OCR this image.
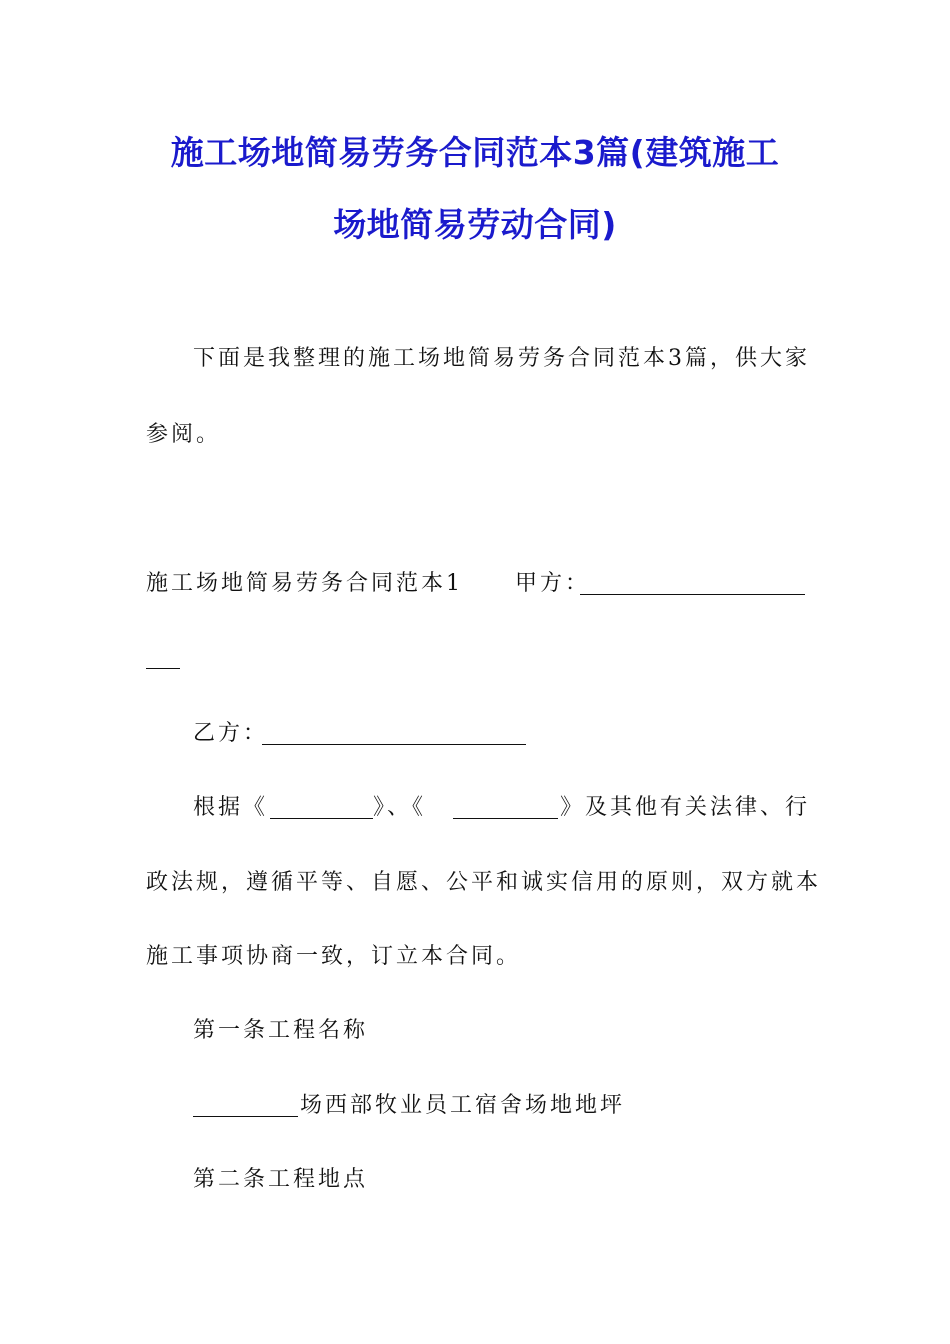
施工场地简易劳务合同范本3篇(建筑施工
场地简易劳动合同)
下面是我整理的施工场地简易劳务合同范本3篇，供大家
参阅。
施工场地简易劳务合同范本1 甲方：
乙方：
根据《	》、《	》及其他有关法律、行
政法规，遵循平等、自愿、公平和诚实信用的原则，双方就本
施工事项协商一致，订立本合同。
第一条工程名称
场西部牧业员工宿舍场地地坪
第二条工程地点
